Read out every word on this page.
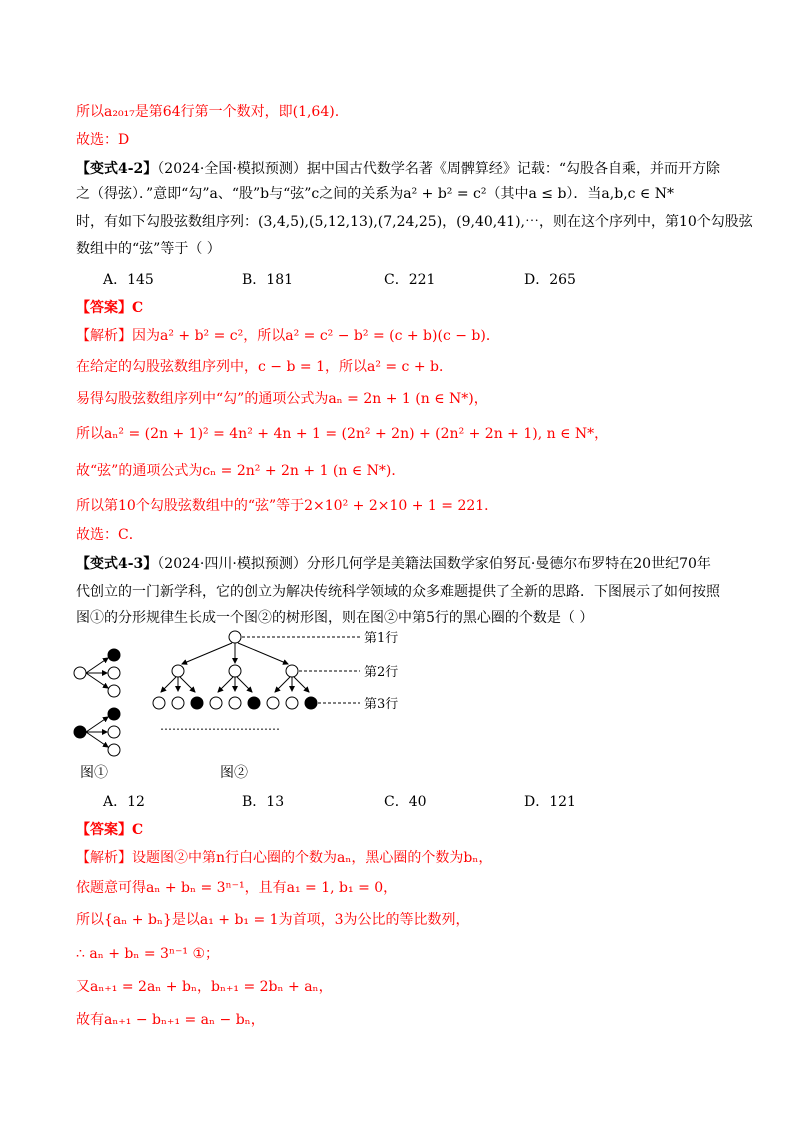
所以a₂₀₁₇是第64行第一个数对，即(1,64).
故选：D
【变式4-2】（2024·全国·模拟预测）据中国古代数学名著《周髀算经》记载：“勾股各自乘，并而开方除
之（得弦）．”意即“勾”a、“股”b与“弦”c之间的关系为a² + b² = c²（其中a ≤ b）．当a,b,c ∈ N*
时，有如下勾股弦数组序列：(3,4,5),(5,12,13),(7,24,25)，(9,40,41),⋯，则在这个序列中，第10个勾股弦
数组中的“弦”等于（ ）
A．145	B．181	C．221	D．265
【答案】C
【解析】因为a² + b² = c²，所以a² = c² − b² = (c + b)(c − b)．
在给定的勾股弦数组序列中，c − b = 1，所以a² = c + b．
易得勾股弦数组序列中“勾”的通项公式为aₙ = 2n + 1 (n ∈ N*)，
所以aₙ² = (2n + 1)² = 4n² + 4n + 1 = (2n² + 2n) + (2n² + 2n + 1), n ∈ N*，
故“弦”的通项公式为cₙ = 2n² + 2n + 1 (n ∈ N*)．
所以第10个勾股弦数组中的“弦”等于2×10² + 2×10 + 1 = 221．
故选：C．
【变式4-3】（2024·四川·模拟预测）分形几何学是美籍法国数学家伯努瓦·曼德尔布罗特在20世纪70年
代创立的一门新学科，它的创立为解决传统科学领域的众多难题提供了全新的思路．下图展示了如何按照
图①的分形规律生长成一个图②的树形图，则在图②中第5行的黑心圈的个数是（ ）
第1行
第2行
第3行
…………………………
图①	图②
A．12	B．13	C．40	D．121
【答案】C
【解析】设题图②中第n行白心圈的个数为aₙ，黑心圈的个数为bₙ，
依题意可得aₙ + bₙ = 3ⁿ⁻¹，且有a₁ = 1, b₁ = 0，
所以{aₙ + bₙ}是以a₁ + b₁ = 1为首项，3为公比的等比数列，
∴ aₙ + bₙ = 3ⁿ⁻¹ ①；
又aₙ₊₁ = 2aₙ + bₙ，bₙ₊₁ = 2bₙ + aₙ，
故有aₙ₊₁ − bₙ₊₁ = aₙ − bₙ，
